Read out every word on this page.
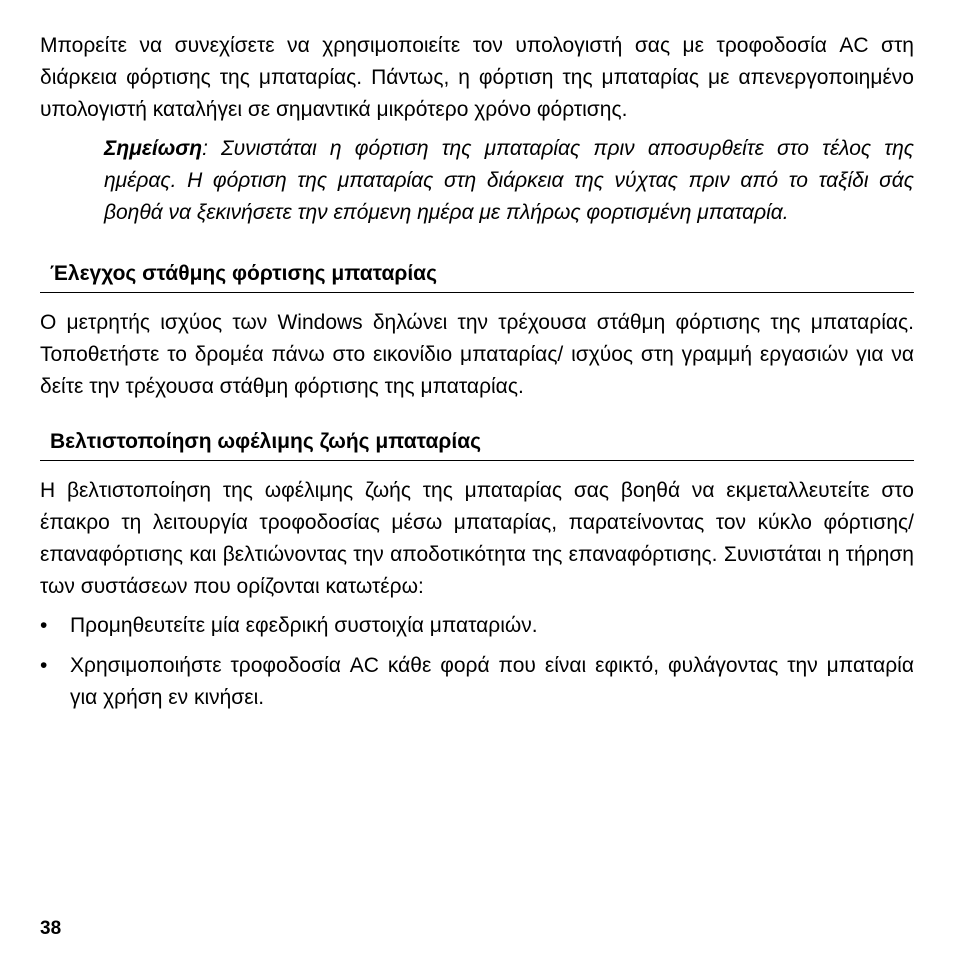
Μπορείτε να συνεχίσετε να χρησιμοποιείτε τον υπολογιστή σας με τροφοδοσία AC στη διάρκεια φόρτισης της μπαταρίας. Πάντως, η φόρτιση της μπαταρίας με απενεργοποιημένο υπολογιστή καταλήγει σε σημαντικά μικρότερο χρόνο φόρτισης.

Σημείωση: Συνιστάται η φόρτιση της μπαταρίας πριν αποσυρθείτε στο τέλος της ημέρας. Η φόρτιση της μπαταρίας στη διάρκεια της νύχτας πριν από το ταξίδι σάς βοηθά να ξεκινήσετε την επόμενη ημέρα με πλήρως φορτισμένη μπαταρία.
Έλεγχος στάθμης φόρτισης μπαταρίας

Ο μετρητής ισχύος των Windows δηλώνει την τρέχουσα στάθμη φόρτισης της μπαταρίας. Τοποθετήστε το δρομέα πάνω στο εικονίδιο μπαταρίας/ ισχύος στη γραμμή εργασιών για να δείτε την τρέχουσα στάθμη φόρτισης της μπαταρίας.

Βελτιστοποίηση ωφέλιμης ζωής μπαταρίας

Η βελτιστοποίηση της ωφέλιμης ζωής της μπαταρίας σας βοηθά να εκμεταλλευτείτε στο έπακρο τη λειτουργία τροφοδοσίας μέσω μπαταρίας, παρατείνοντας τον κύκλο φόρτισης/επαναφόρτισης και βελτιώνοντας την αποδοτικότητα της επαναφόρτισης. Συνιστάται η τήρηση των συστάσεων που ορίζονται κατωτέρω:

•	Προμηθευτείτε μία εφεδρική συστοιχία μπαταριών.
•	Χρησιμοποιήστε τροφοδοσία AC κάθε φορά που είναι εφικτό, φυλάγοντας την μπαταρία για χρήση εν κινήσει.
38
